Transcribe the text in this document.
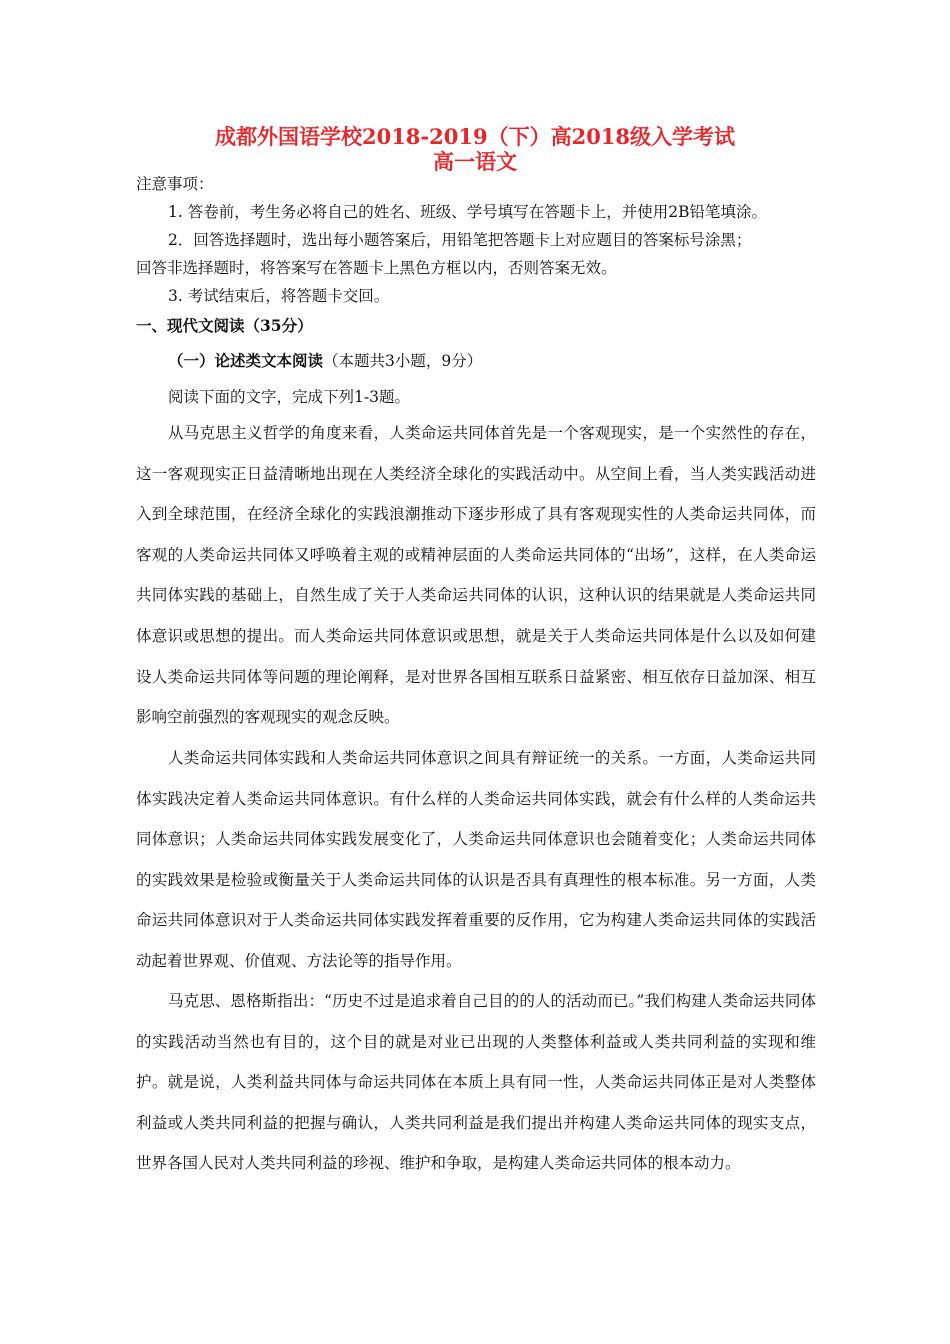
成都外国语学校2018-2019（下）高2018级入学考试
高一语文
注意事项：
1. 答卷前，考生务必将自己的姓名、班级、学号填写在答题卡上，并使用2B铅笔填涂。
2．回答选择题时，选出每小题答案后，用铅笔把答题卡上对应题目的答案标号涂黑；
回答非选择题时，将答案写在答题卡上黑色方框以内，否则答案无效。
3. 考试结束后，将答题卡交回。
一、现代文阅读（35分）
（一）论述类文本阅读（本题共3小题，9分）
阅读下面的文字，完成下列1-3题。

从马克思主义哲学的角度来看，人类命运共同体首先是一个客观现实，是一个实然性的存在，这一客观现实正日益清晰地出现在人类经济全球化的实践活动中。从空间上看，当人类实践活动进入到全球范围，在经济全球化的实践浪潮推动下逐步形成了具有客观现实性的人类命运共同体，而客观的人类命运共同体又呼唤着主观的或精神层面的人类命运共同体的“出场”，这样，在人类命运共同体实践的基础上，自然生成了关于人类命运共同体的认识，这种认识的结果就是人类命运共同体意识或思想的提出。而人类命运共同体意识或思想，就是关于人类命运共同体是什么以及如何建设人类命运共同体等问题的理论阐释，是对世界各国相互联系日益紧密、相互依存日益加深、相互影响空前强烈的客观现实的观念反映。

人类命运共同体实践和人类命运共同体意识之间具有辩证统一的关系。一方面，人类命运共同体实践决定着人类命运共同体意识。有什么样的人类命运共同体实践，就会有什么样的人类命运共同体意识；人类命运共同体实践发展变化了，人类命运共同体意识也会随着变化；人类命运共同体的实践效果是检验或衡量关于人类命运共同体的认识是否具有真理性的根本标准。另一方面，人类命运共同体意识对于人类命运共同体实践发挥着重要的反作用，它为构建人类命运共同体的实践活动起着世界观、价值观、方法论等的指导作用。

马克思、恩格斯指出：“历史不过是追求着自己目的的人的活动而已。”我们构建人类命运共同体的实践活动当然也有目的，这个目的就是对业已出现的人类整体利益或人类共同利益的实现和维护。就是说，人类利益共同体与命运共同体在本质上具有同一性，人类命运共同体正是对人类整体利益或人类共同利益的把握与确认，人类共同利益是我们提出并构建人类命运共同体的现实支点，世界各国人民对人类共同利益的珍视、维护和争取，是构建人类命运共同体的根本动力。
